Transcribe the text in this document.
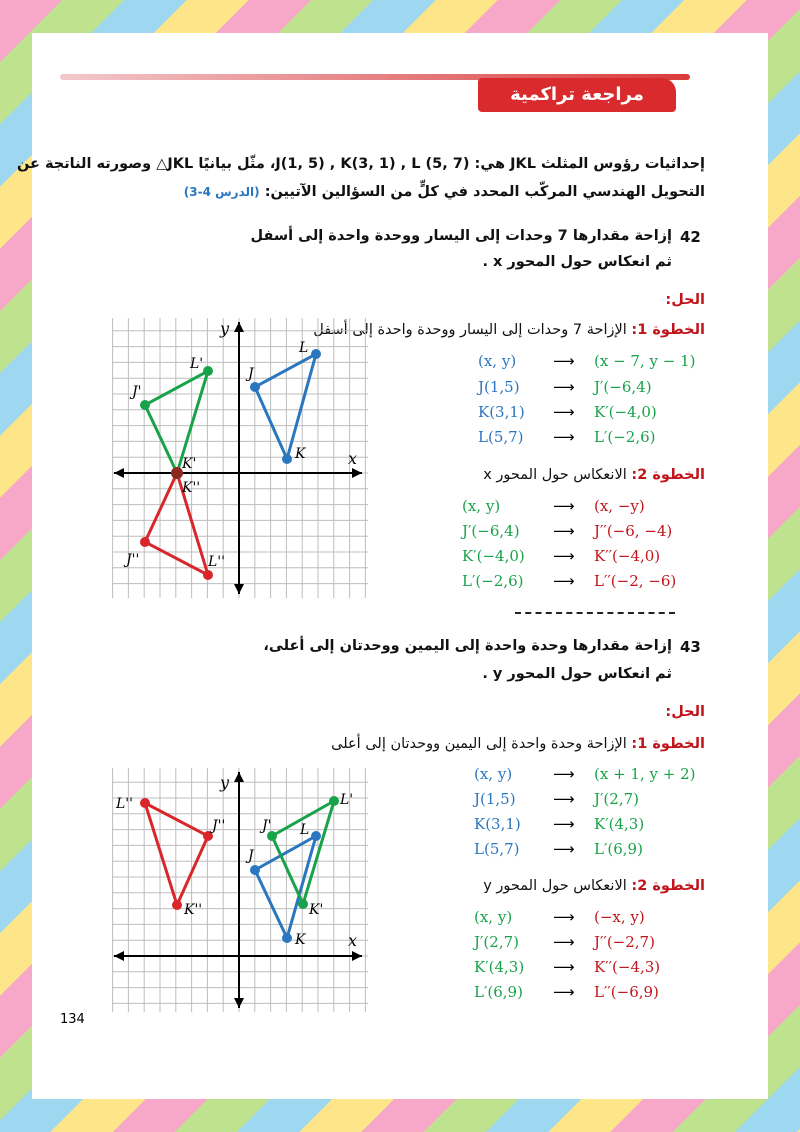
مراجعة تراكمية
إحداثيات رؤوس المثلث JKL هي: (7 ,5) J(1, 5) , K(3, 1) , L، مثّل بيانيًا JKL△ وصورته الناتجة عن
التحويل الهندسي المركّب المحدد في كلٍّ من السؤالين الآتيين: (الدرس 4-3)
42
إزاحة مقدارها 7 وحدات إلى اليسار ووحدة واحدة إلى أسفل
ثم انعكاس حول المحور x .
الحل:
الخطوة 1: الإزاحة 7 وحدات إلى اليسار ووحدة واحدة إلى أسفل
(x, y) ⟶ (x − 7, y − 1)
J(1,5) ⟶ J′(−6,4)
K(3,1) ⟶ K′(−4,0)
L(5,7) ⟶ L′(−2,6)
الخطوة 2: الانعكاس حول المحور x
(x, y)	⟶ (x, −y)
J′(−6,4) ⟶ J′′(−6, −4)
K′(−4,0) ⟶ K′′(−4,0)
L′(−2,6) ⟶ L′′(−2, −6)
y
x
J
K
L
J'
L'
K'
J''	L''
K''
43
إزاحة مقدارها وحدة واحدة إلى اليمين ووحدتان إلى أعلى،
ثم انعكاس حول المحور y .
الحل:
الخطوة 1: الإزاحة وحدة واحدة إلى اليمين ووحدتان إلى أعلى
(x, y)	⟶ (x + 1, y + 2)
J(1,5) ⟶ J′(2,7)
K(3,1) ⟶ K′(4,3)
L(5,7) ⟶ L′(6,9)
الخطوة 2: الانعكاس حول المحور y
(x, y)	⟶ (−x, y)
J′(2,7) ⟶ J′′(−2,7)
K′(4,3) ⟶ K′′(−4,3)
L′(6,9) ⟶ L′′(−6,9)
y
x
J
K
L
J'
K'
L'
L''
K''
J''
134
